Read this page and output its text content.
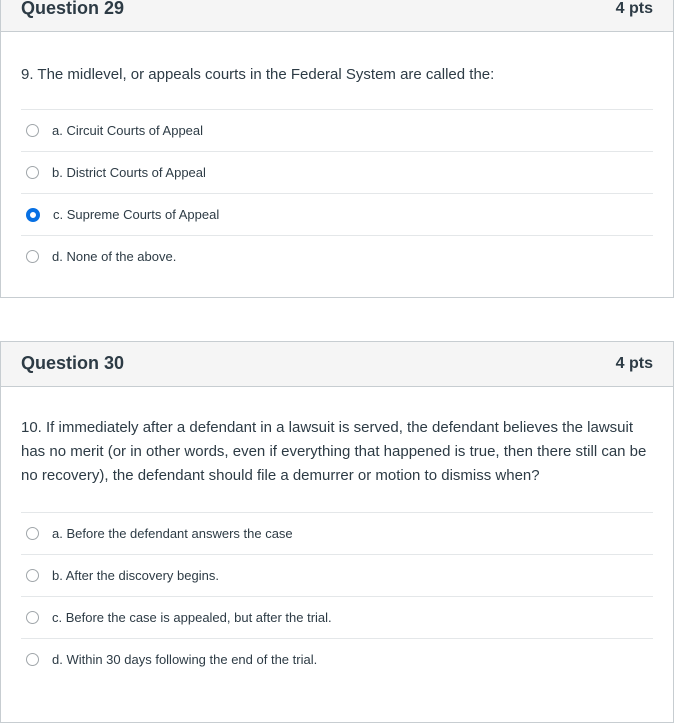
Question 29	4 pts
9. The midlevel, or appeals courts in the Federal System are called the:
a. Circuit Courts of Appeal
b. District Courts of Appeal
c. Supreme Courts of Appeal
d. None of the above.
Question 30	4 pts
10. If immediately after a defendant in a lawsuit is served, the defendant believes the lawsuit has no merit (or in other words, even if everything that happened is true, then there still can be no recovery), the defendant should file a demurrer or motion to dismiss when?
a. Before the defendant answers the case
b. After the discovery begins.
c. Before the case is appealed, but after the trial.
d. Within 30 days following the end of the trial.
